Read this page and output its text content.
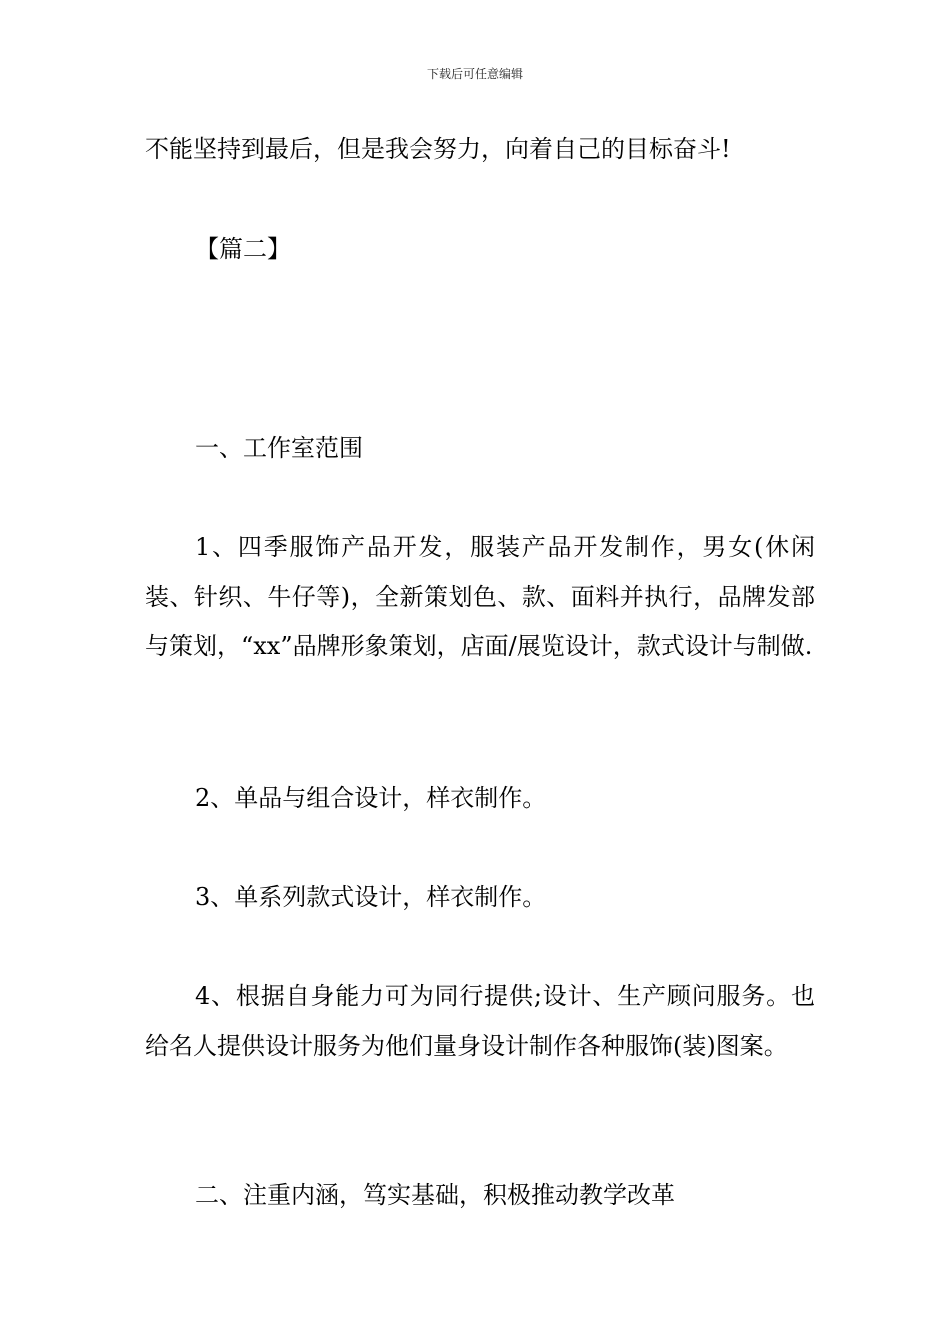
下载后可任意编辑
不能坚持到最后，但是我会努力，向着自己的目标奋斗!
【篇二】
一、工作室范围
1、四季服饰产品开发，服装产品开发制作，男女(休闲装、针织、牛仔等)，全新策划色、款、面料并执行，品牌发部与策划，“xx”品牌形象策划，店面/展览设计，款式设计与制做.
2、单品与组合设计，样衣制作。
3、单系列款式设计，样衣制作。
4、根据自身能力可为同行提供;设计、生产顾问服务。也给名人提供设计服务为他们量身设计制作各种服饰(装)图案。
二、注重内涵，笃实基础，积极推动教学改革
